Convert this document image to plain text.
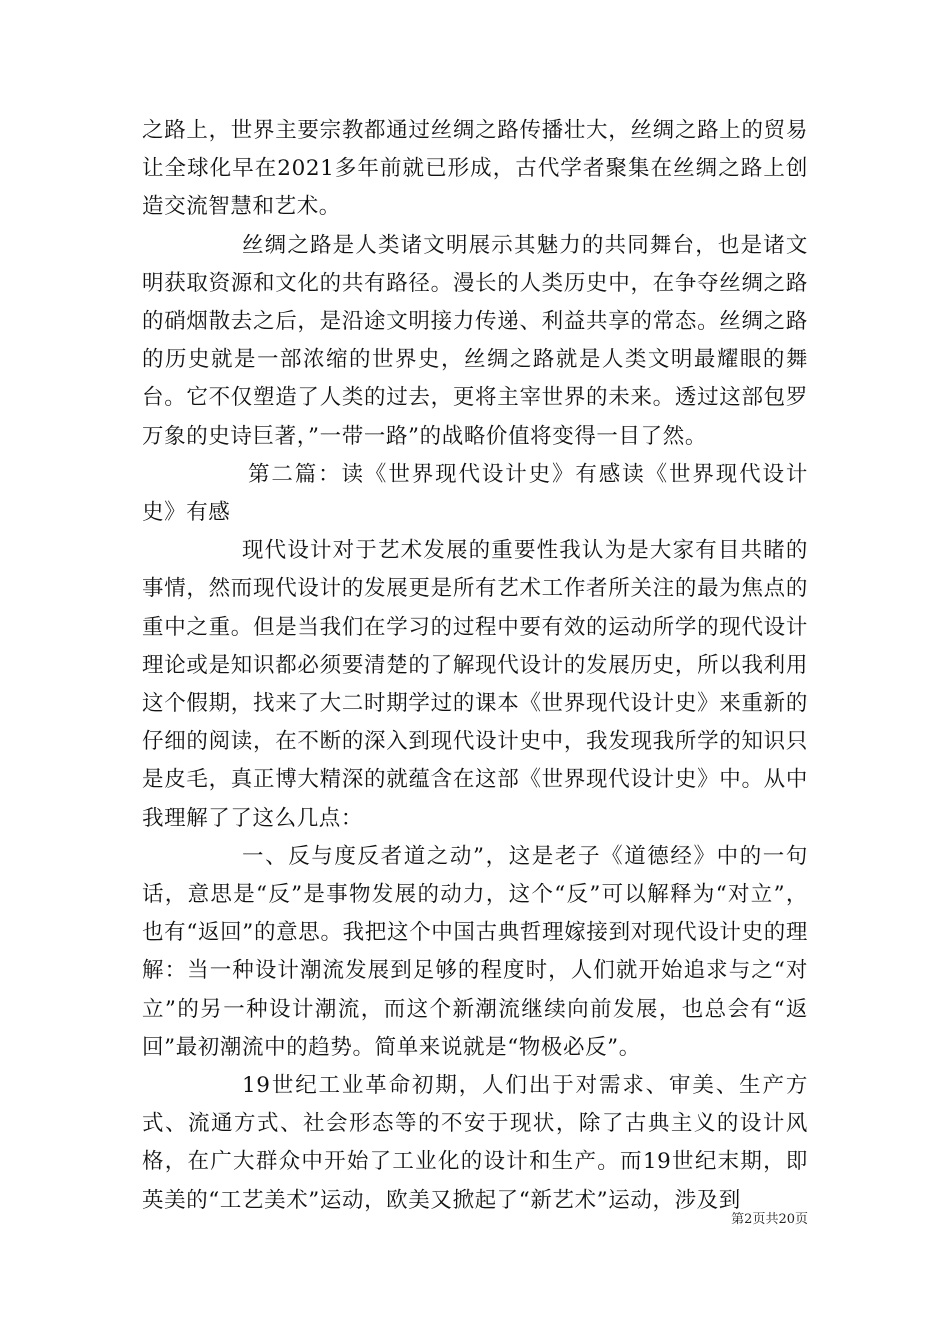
之路上，世界主要宗教都通过丝绸之路传播壮大，丝绸之路上的贸易让全球化早在2021多年前就已形成，古代学者聚集在丝绸之路上创造交流智慧和艺术。

丝绸之路是人类诸文明展示其魅力的共同舞台，也是诸文明获取资源和文化的共有路径。漫长的人类历史中，在争夺丝绸之路的硝烟散去之后，是沿途文明接力传递、利益共享的常态。丝绸之路的历史就是一部浓缩的世界史，丝绸之路就是人类文明最耀眼的舞台。它不仅塑造了人类的过去，更将主宰世界的未来。透过这部包罗万象的史诗巨著，”一带一路”的战略价值将变得一目了然。

第二篇：读《世界现代设计史》有感读《世界现代设计史》有感

现代设计对于艺术发展的重要性我认为是大家有目共睹的事情，然而现代设计的发展更是所有艺术工作者所关注的最为焦点的重中之重。但是当我们在学习的过程中要有效的运动所学的现代设计理论或是知识都必须要清楚的了解现代设计的发展历史，所以我利用这个假期，找来了大二时期学过的课本《世界现代设计史》来重新的仔细的阅读，在不断的深入到现代设计史中，我发现我所学的知识只是皮毛，真正博大精深的就蕴含在这部《世界现代设计史》中。从中我理解了了这么几点：

一、反与度反者道之动”，这是老子《道德经》中的一句话，意思是“反”是事物发展的动力，这个“反”可以解释为“对立”，也有“返回”的意思。我把这个中国古典哲理嫁接到对现代设计史的理解：当一种设计潮流发展到足够的程度时，人们就开始追求与之“对立”的另一种设计潮流，而这个新潮流继续向前发展，也总会有“返回”最初潮流中的趋势。简单来说就是“物极必反”。

19世纪工业革命初期，人们出于对需求、审美、生产方式、流通方式、社会形态等的不安于现状，除了古典主义的设计风格，在广大群众中开始了工业化的设计和生产。而19世纪末期，即英美的“工艺美术”运动，欧美又掀起了“新艺术”运动，涉及到

第2页共20页
